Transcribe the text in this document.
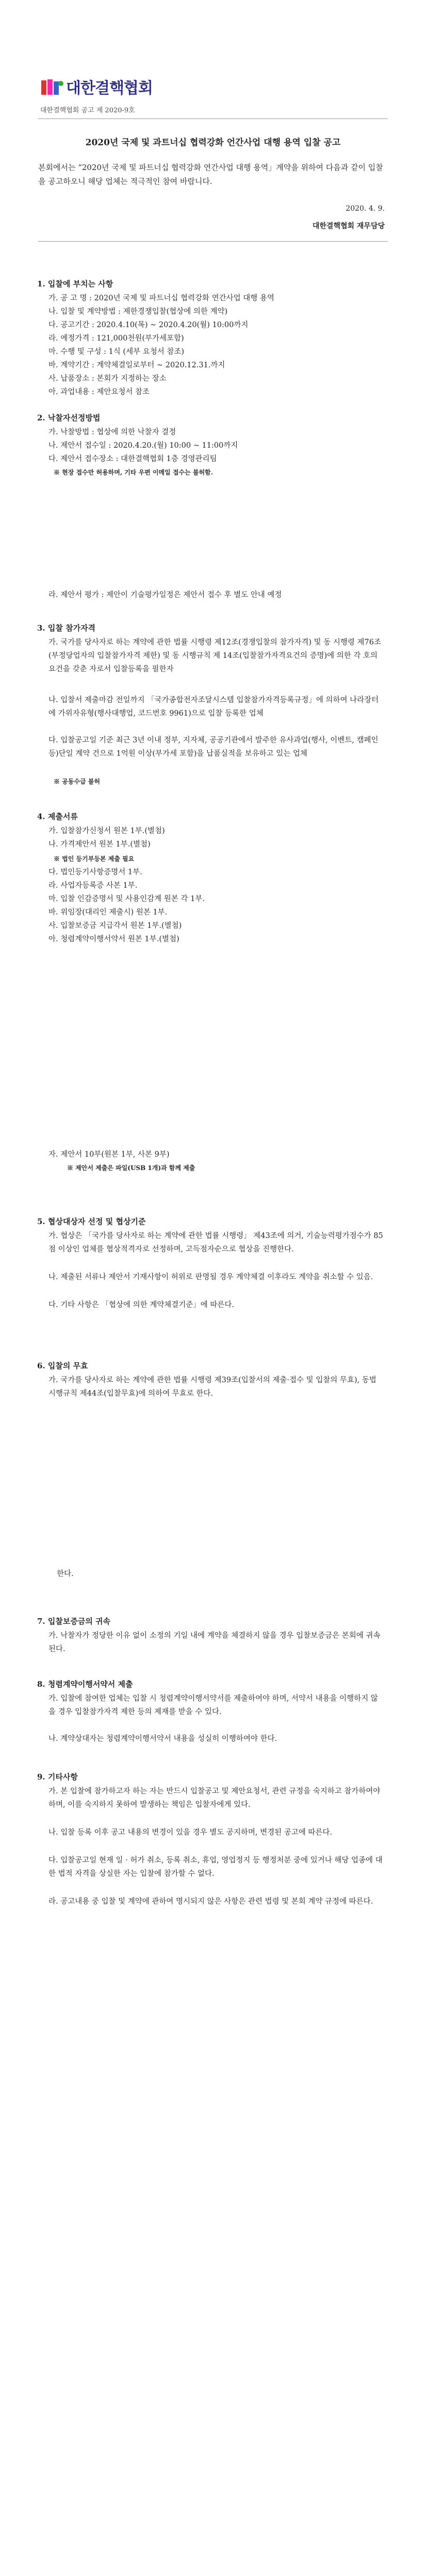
대한결핵협회
대한결핵협회 공고 제 2020-9호
2020년 국제 및 과트너십 협력강화 언간사업 대행 용역 입찰 공고
본회에서는 “2020년 국제 및 파트너십 협력강화 연간사업 대행 용역」계약을 위하여 다음과 같이 입찰을 공고하오니 해당 업체는 적극적인 참여 바랍니다.
2020. 4. 9.
대한결핵협회 재무담당
1. 입찰에 부치는 사항
가. 공 고 명 : 2020년 국제 및 파트너십 협력강화 연간사업 대행 용역
나. 입찰 및 계약방법 : 제한경쟁입찰(협상에 의한 계약)
다. 공고기간 : 2020.4.10(목) ~ 2020.4.20(월) 10:00까지
라. 예정가격 : 121,000천원(부가세포함)
마. 수행 및 구성 : 1식 (세부 요청서 참조)
바. 계약기간 : 계약체결일로부터 ~ 2020.12.31.까지
사. 납품장소 : 본회가 지정하는 장소
아. 과업내용 : 제안요청서 참조
2. 낙찰자선정방법
가. 낙찰방법 : 협상에 의한 낙찰자 결정
나. 제안서 접수일 : 2020.4.20.(월) 10:00 ~ 11:00까지
다. 제안서 접수장소 : 대한결핵협회 1층 경영관리팀
※ 현장 접수만 허용하며, 기타 우편 이메일 접수는 불허함.
라. 제안서 평가 : 제안이 기술평가일정은 제안서 접수 후 별도 안내 예정
3. 입찰 참가자격
가. 국가를 당사자로 하는 계약에 관한 법률 시행령 제12조(경쟁입찰의 참가자격) 및 동 시행령 제76조(부정당업자의 입찰참가자격 제한) 및 동 시행규칙 제 14조(입찰참가자격요건의 증명)에 의한 각 호의 요건을 갖춘 자로서 입찰등록을 필한자
나. 입찰서 제출마감 전일까지 「국가종합전자조달시스템 입찰참가자격등록규정」에 의하여 나라장터에 가위자유형(행사대행업, 코드번호 9961)으로 입찰 등록한 업체
다. 입찰공고일 기준 최근 3년 이내 정부, 지자체, 공공기관에서 발주한 유사과업(행사, 이벤트, 캠페인 등)단일 계약 건으로 1억원 이상(부가세 포함)을 납품실적을 보유하고 있는 업체
※ 공동수급 불허
4. 제출서류
가. 입찰참가신청서 원본 1부.(별첨)
나. 가격제안서 원본 1부.(별첨)
※ 법인 등기부등본 제출 필요
다. 법인등기사항증명서 1부.
라. 사업자등록증 사본 1부.
마. 입찰 인감증명서 및 사용인감계 원본 각 1부.
바. 위임장(대리인 제출시) 원본 1부.
사. 입찰보증금 지급각서 원본 1부.(별첨)
아. 청렴계약이행서약서 원본 1부.(별첨)
자. 제안서 10부(원본 1부, 사본 9부)
※ 제안서 제출은 파일(USB 1개)과 함께 제출
5. 협상대상자 선정 및 협상기준
가. 협상은 「국가를 당사자로 하는 계약에 관한 법률 시행령」 제43조에 의거, 기술능력평가점수가 85점 이상인 업체를 협상적격자로 선정하며, 고득점자순으로 협상을 진행한다.
나. 제출된 서류나 제안서 기재사항이 허위로 판명될 경우 계약체결 이후라도 계약을 취소할 수 있음.
다. 기타 사항은 「협상에 의한 계약체결기준」에 따른다.
6. 입찰의 무효
가. 국가를 당사자로 하는 계약에 관한 법률 시행령 제39조(입찰서의 제출·접수 및 입찰의 무효), 동법 시행규칙 제44조(입찰무효)에 의하여 무효로 한다.
한다.
7. 입찰보증금의 귀속
가. 낙찰자가 정당한 이유 없이 소정의 기일 내에 계약을 체결하지 않을 경우 입찰보증금은 본회에 귀속된다.
8. 청렴계약이행서약서 제출
가. 입찰에 참여한 업체는 입찰 시 청렴계약이행서약서를 제출하여야 하며, 서약서 내용을 이행하지 않을 경우 입찰참가자격 제한 등의 제재를 받을 수 있다.
나. 계약상대자는 청렴계약이행서약서 내용을 성실히 이행하여야 한다.
9. 기타사항
가. 본 입찰에 참가하고자 하는 자는 반드시 입찰공고 및 제안요청서, 관련 규정을 숙지하고 참가하여야 하며, 이를 숙지하지 못하여 발생하는 책임은 입찰자에게 있다.
나. 입찰 등록 이후 공고 내용의 변경이 있을 경우 별도 공지하며, 변경된 공고에 따른다.
다. 입찰공고일 현재 일 · 허가 취소, 등록 취소, 휴업, 영업정지 등 행정처분 중에 있거나 해당 업종에 대한 법적 자격을 상실한 자는 입찰에 참가할 수 없다.
라. 공고내용 중 입찰 및 계약에 관하여 명시되지 않은 사항은 관련 법령 및 본회 계약 규정에 따른다.
